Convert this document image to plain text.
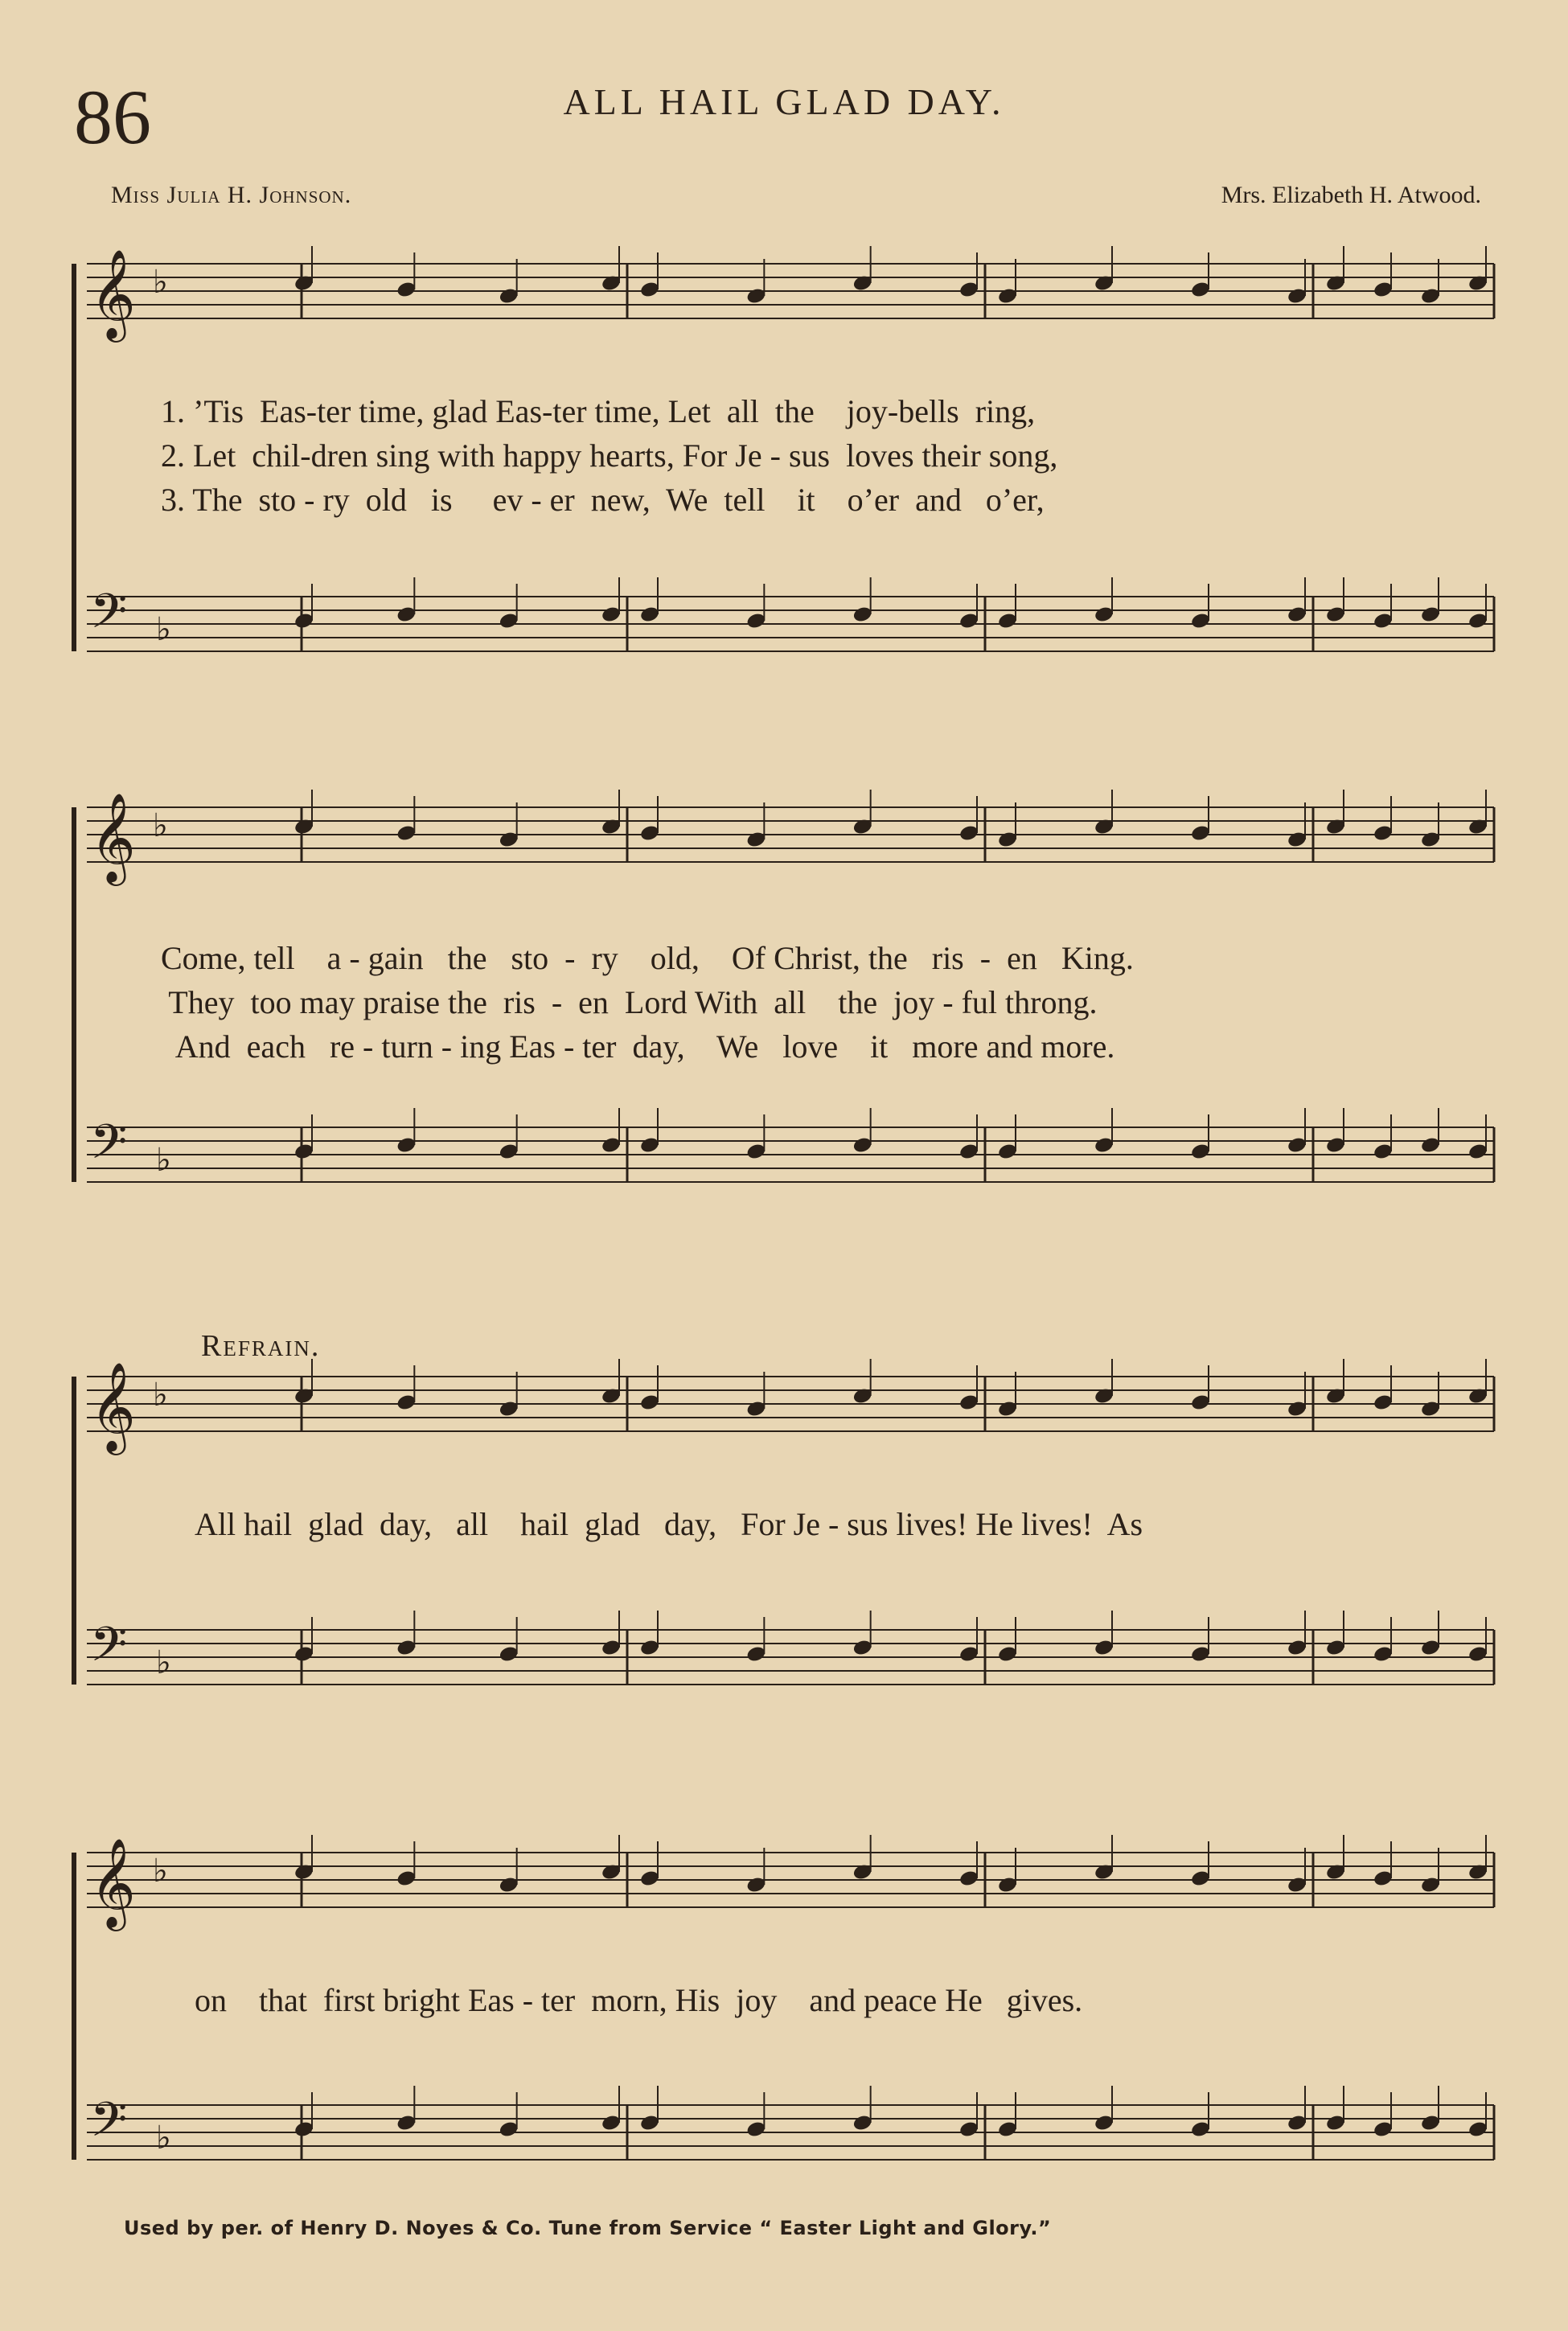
86	ALL HAIL GLAD DAY.
Miss Julia H. Johnson.	Mrs. Elizabeth H. Atwood.
𝄞 ♭
𝄢 ♭
𝄞 ♭
𝄢 ♭
𝄞 ♭
𝄢 ♭
𝄞 ♭
𝄢 ♭
1. ’Tis  Eas-ter time, glad Eas-ter time, Let  all  the    joy-bells  ring,
2. Let  chil-dren sing with happy hearts, For Je - sus  loves their song,
3. The  sto - ry  old   is     ev - er  new,  We  tell    it    o’er  and   o’er,
Come, tell    a - gain   the   sto  -  ry    old,    Of Christ, the   ris  -  en   King.
They  too may praise the  ris  -  en  Lord With  all    the  joy - ful throng.
And  each   re - turn - ing Eas - ter  day,    We   love    it   more and more.
Refrain.
All hail  glad  day,   all    hail  glad   day,   For Je - sus lives! He lives!  As
on    that  first bright Eas - ter  morn, His  joy    and peace He   gives.
Used by per. of Henry D. Noyes & Co. Tune from Service “ Easter Light and Glory.”
